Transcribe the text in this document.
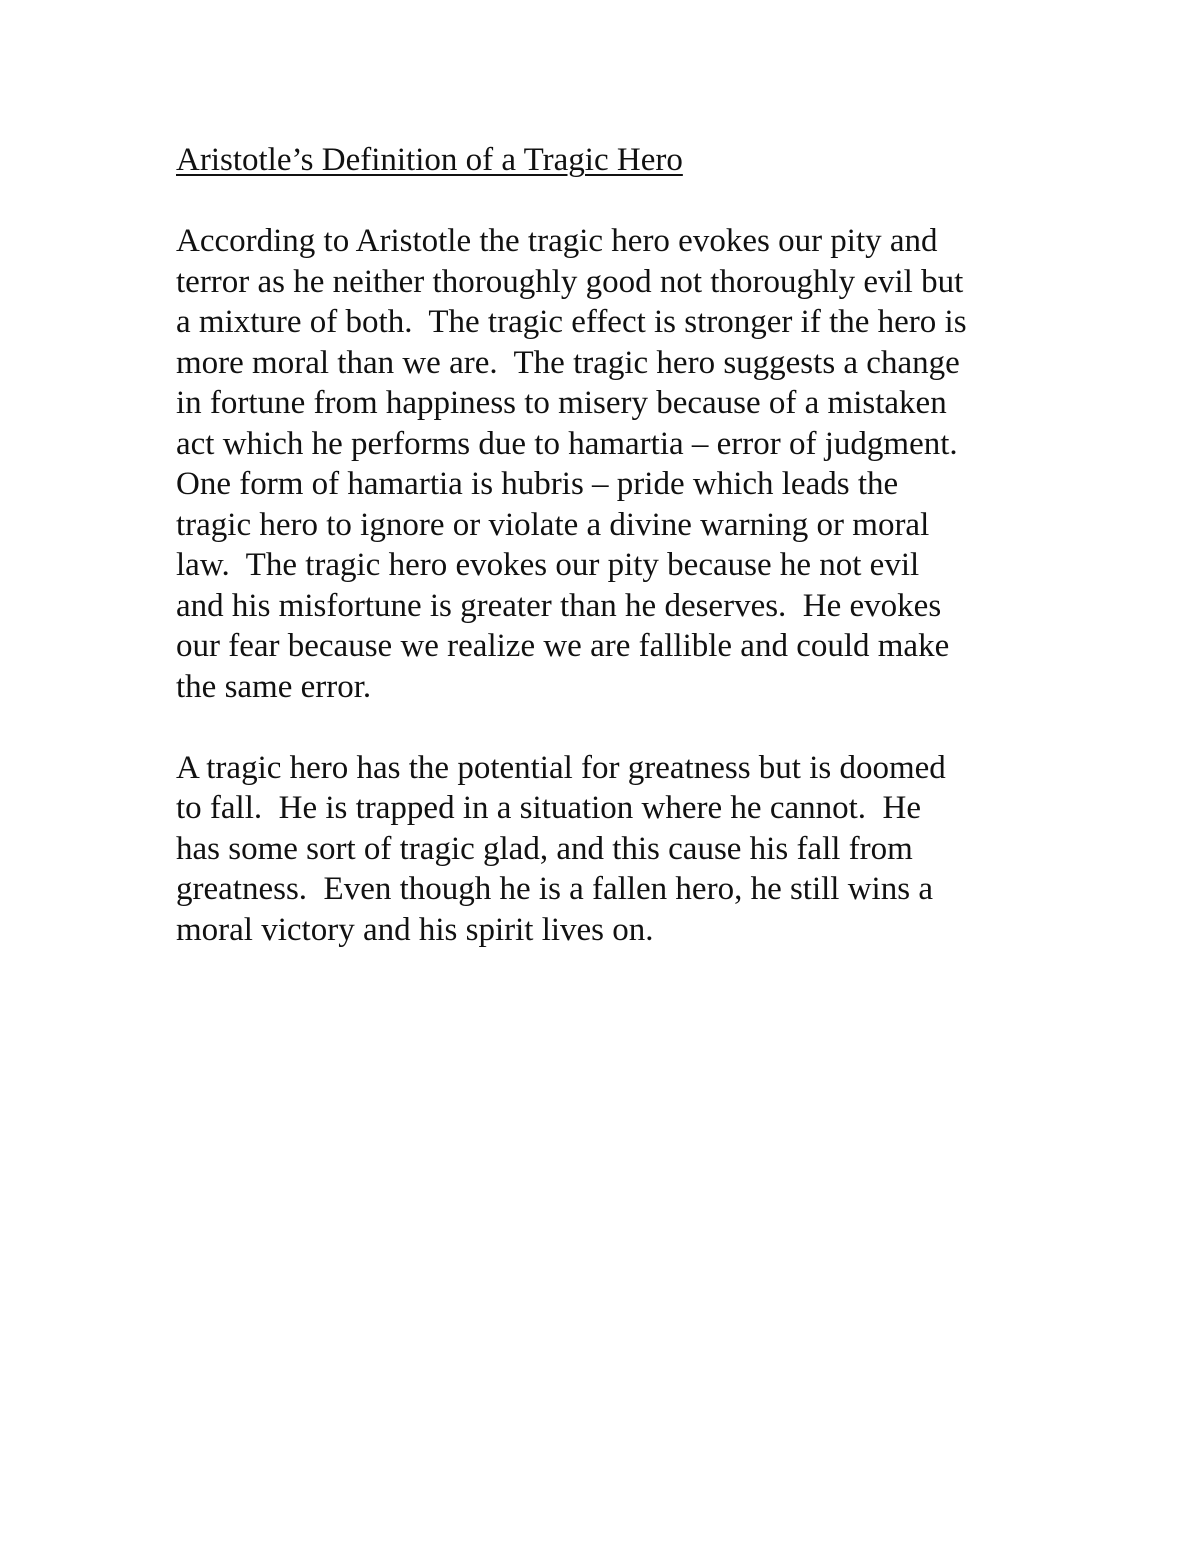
Aristotle’s Definition of a Tragic Hero

According to Aristotle the tragic hero evokes our pity and
terror as he neither thoroughly good not thoroughly evil but
a mixture of both.  The tragic effect is stronger if the hero is
more moral than we are.  The tragic hero suggests a change
in fortune from happiness to misery because of a mistaken
act which he performs due to hamartia – error of judgment.
One form of hamartia is hubris – pride which leads the
tragic hero to ignore or violate a divine warning or moral
law.  The tragic hero evokes our pity because he not evil
and his misfortune is greater than he deserves.  He evokes
our fear because we realize we are fallible and could make
the same error.

A tragic hero has the potential for greatness but is doomed
to fall.  He is trapped in a situation where he cannot.  He
has some sort of tragic glad, and this cause his fall from
greatness.  Even though he is a fallen hero, he still wins a
moral victory and his spirit lives on.
